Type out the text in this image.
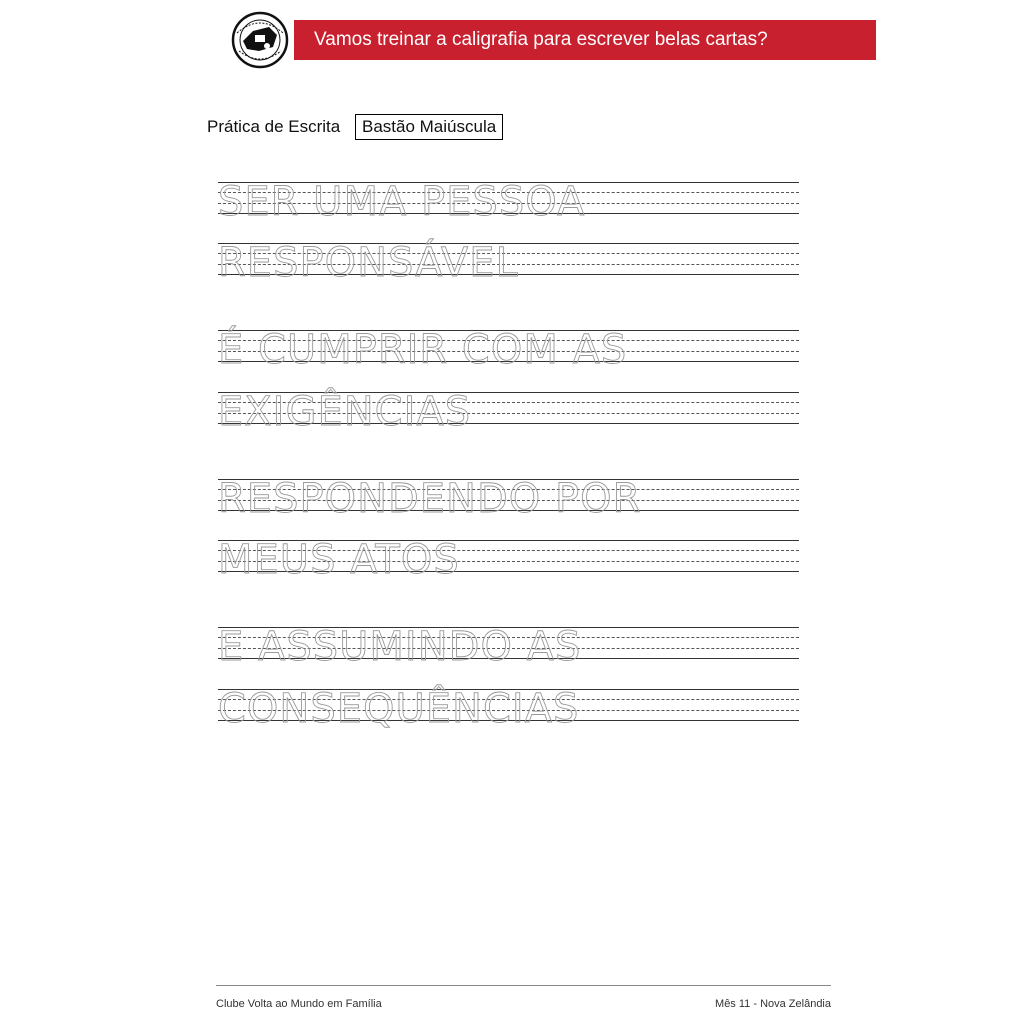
Vamos treinar a caligrafia para escrever belas cartas?
Prática de Escrita	Bastão Maiúscula
SER UMA PESSOA
RESPONSÁVEL
É CUMPRIR COM AS
EXIGÊNCIAS
RESPONDENDO POR
MEUS ATOS
E ASSUMINDO AS
CONSEQUÊNCIAS
Clube Volta ao Mundo em Família	Mês 11 - Nova Zelândia
